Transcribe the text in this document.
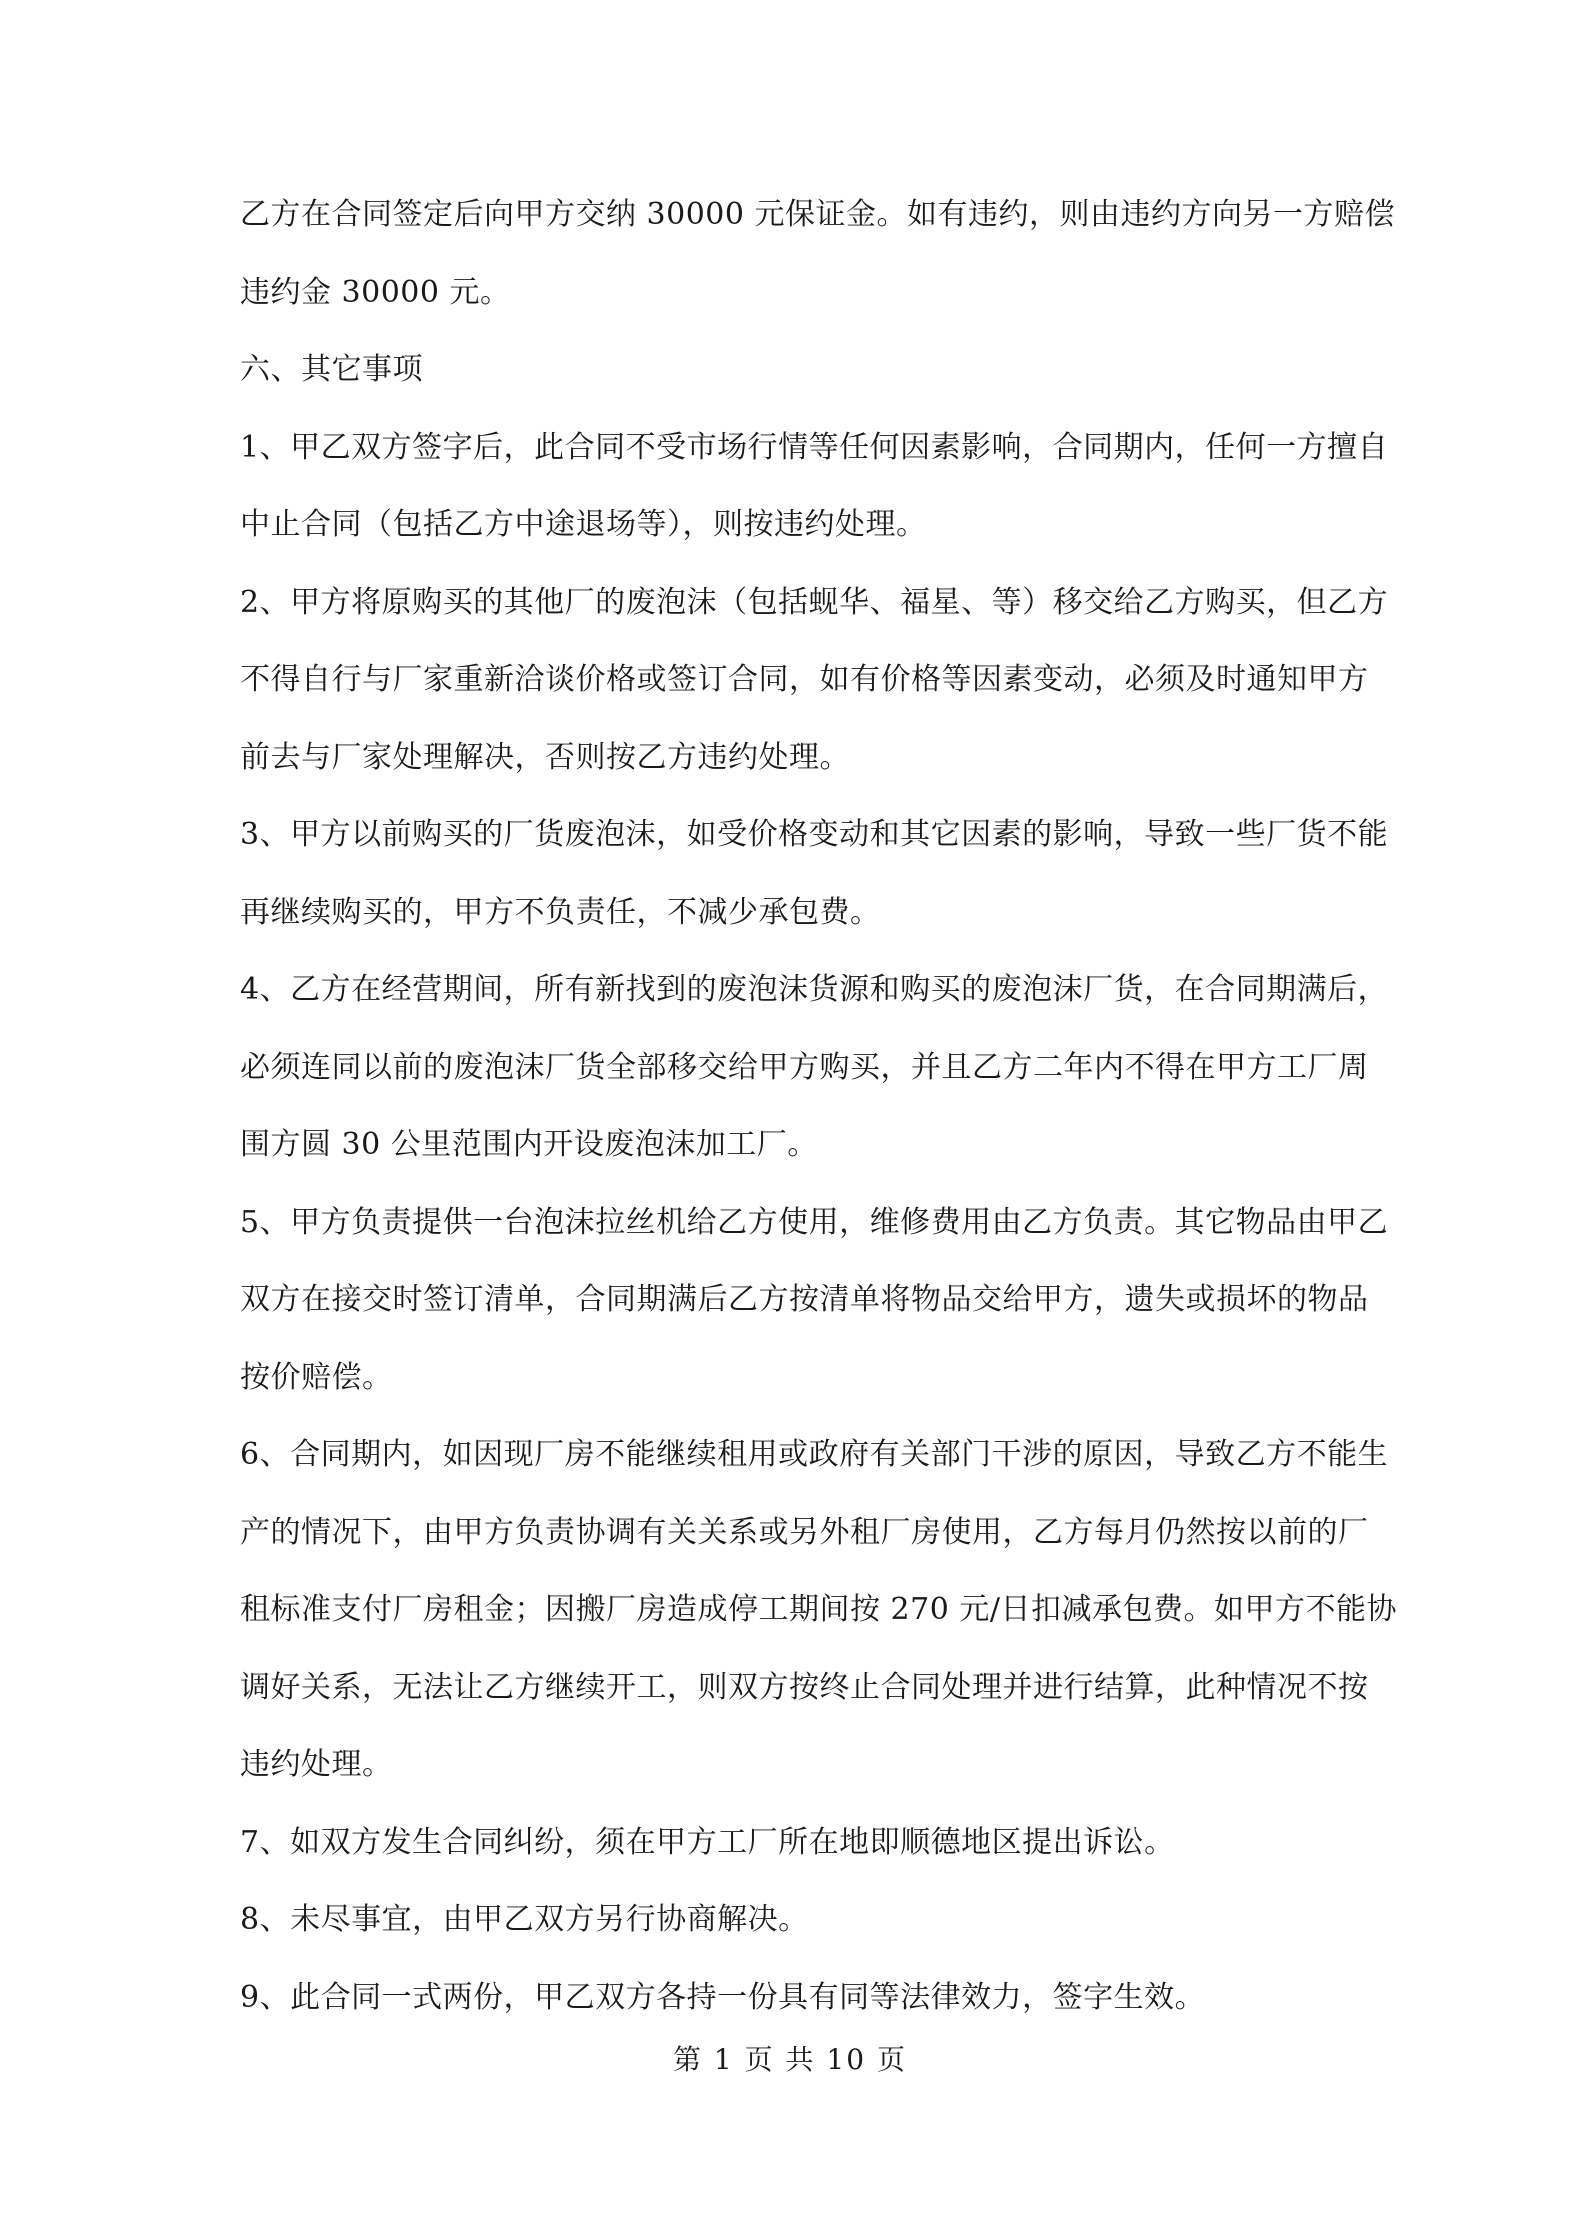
乙方在合同签定后向甲方交纳 30000 元保证金。如有违约，则由违约方向另一方赔偿
违约金 30000 元。
六、其它事项
1、甲乙双方签字后，此合同不受市场行情等任何因素影响，合同期内，任何一方擅自
中止合同（包括乙方中途退场等），则按违约处理。
2、甲方将原购买的其他厂的废泡沫（包括蚬华、福星、等）移交给乙方购买，但乙方
不得自行与厂家重新洽谈价格或签订合同，如有价格等因素变动，必须及时通知甲方
前去与厂家处理解决，否则按乙方违约处理。
3、甲方以前购买的厂货废泡沫，如受价格变动和其它因素的影响，导致一些厂货不能
再继续购买的，甲方不负责任，不减少承包费。
4、乙方在经营期间，所有新找到的废泡沫货源和购买的废泡沫厂货，在合同期满后，
必须连同以前的废泡沫厂货全部移交给甲方购买，并且乙方二年内不得在甲方工厂周
围方圆 30 公里范围内开设废泡沫加工厂。
5、甲方负责提供一台泡沫拉丝机给乙方使用，维修费用由乙方负责。其它物品由甲乙
双方在接交时签订清单，合同期满后乙方按清单将物品交给甲方，遗失或损坏的物品
按价赔偿。
6、合同期内，如因现厂房不能继续租用或政府有关部门干涉的原因，导致乙方不能生
产的情况下，由甲方负责协调有关关系或另外租厂房使用，乙方每月仍然按以前的厂
租标准支付厂房租金；因搬厂房造成停工期间按 270 元/日扣减承包费。如甲方不能协
调好关系，无法让乙方继续开工，则双方按终止合同处理并进行结算，此种情况不按
违约处理。
7、如双方发生合同纠纷，须在甲方工厂所在地即顺德地区提出诉讼。
8、未尽事宜，由甲乙双方另行协商解决。
9、此合同一式两份，甲乙双方各持一份具有同等法律效力，签字生效。
第 1 页 共 10 页
